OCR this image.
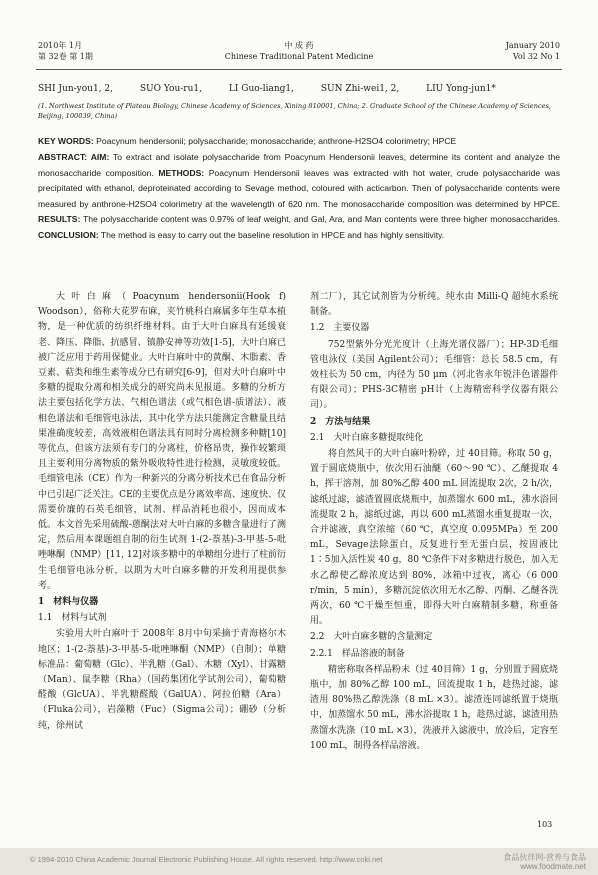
2010年 1月
第 32卷 第 1期
中 成 药
Chinese Traditional Patent Medicine
January 2010
Vol 32 No 1
SHI Jun-you1, 2,	SUO You-ru1,	LI Guo-liang1,	SUN Zhi-wei1, 2,	LIU Yong-jun1*
(1. Northwest Institute of Plateau Biology, Chinese Academy of Sciences, Xining 810001, China; 2. Graduate School of the Chinese Academy of Sciences, Beijing, 100039, China)
KEY WORDS: Poacynum hendersonii; polysaccharide; monosaccharide; anthrone-H2SO4 colorimetry; HPCE
ABSTRACT: AIM: To extract and isolate polysaccharide from Poacynum Hendersonii leaves, determine its content and analyze the monosaccharide composition. METHODS: Poacynum Hendersonii leaves was extracted with hot water, crude polysaccharide was precipitated with ethanol, deproteinated according to Sevage method, coloured with acticarbon. Then of polysaccharide contents were measured by anthrone-H2SO4 colorimetry at the wavelength of 620 nm. The monosaccharide composition was determined by HPCE. RESULTS: The polysaccharide content was 0.97% of leaf weight, and Gal, Ara, and Man contents were three higher monosaccharides. CONCLUSION: The method is easy to carry out the baseline resolution in HPCE and has highly sensitivity.

大叶白麻（Poacynum hendersonii(Hook f) Woodson），俗称大花罗布麻，夹竹桃科白麻属多年生草本植物，是一种优质的纺织纤维材料。由于大叶白麻具有延缓衰老、降压、降脂、抗感冒、镇静安神等功效[1-5]，大叶白麻已被广泛应用于药用保健业。大叶白麻叶中的黄酮、木脂素、香豆素、萜类和维生素等成分已有研究[6-9]，但对大叶白麻叶中多糖的提取分离和相关成分的研究尚未见报道。多糖的分析方法主要包括化学方法、气相色谱法（或气相色谱-质谱法）、液相色谱法和毛细管电泳法，其中化学方法只能测定含糖量且结果准确度较差，高效液相色谱法具有同时分离检测多种糖[10]等优点，但该方法须有专门的分离柱，价格昂贵，操作较繁琐且主要利用分离物质的紫外吸收特性进行检测，灵敏度较低。毛细管电泳（CE）作为一种新兴的分离分析技术已在食品分析中已引起广泛关注。CE的主要优点是分离效率高、速度快、仅需要价廉的石英毛细管，试剂、样品消耗也很小，因而成本低。本文首先采用硫酸-蒽酮法对大叶白麻的多糖含量进行了测定，然后用本课题组自制的衍生试剂 1-(2-萘基)-3-甲基-5-吡唑啉酮（NMP）[11, 12]对该多糖中的单糖组分进行了柱前衍生毛细管电泳分析，以期为大叶白麻多糖的开发利用提供参考。

1　材料与仪器

1.1　材料与试剂

实验用大叶白麻叶于 2008年 8月中旬采摘于青海格尔木地区；1-(2-萘基)-3-甲基-5-吡唑啉酮（NMP）（自制）；单糖标准品：葡萄糖（Glc）、半乳糖（Gal）、木糖（Xyl）、甘露糖（Man）、鼠李糖（Rha）（国药集团化学试剂公司），葡萄糖醛酸（GlcUA）、半乳糖醛酸（GalUA）、阿拉伯糖（Ara）（Fluka公司），岩藻糖（Fuc）（Sigma公司）；硼砂（分析纯，徐州试

剂二厂），其它试剂皆为分析纯。纯水由 Milli-Q 超纯水系统制备。

1.2　主要仪器

752型紫外分光光度计（上海光谱仪器厂）；HP-3D毛细管电泳仪（美国 Agilent公司）；毛细管：总长 58.5 cm，有效柱长为 50 cm，内径为 50 μm（河北省永年锐沣色谱器件有限公司）；PHS-3C精密 pH计（上海精密科学仪器有限公司）。

2　方法与结果

2.1　大叶白麻多糖提取纯化

将自然风干的大叶白麻叶粉碎，过 40目筛。称取 50 g，置于圆底烧瓶中，依次用石油醚（60～90 ℃）、乙醚提取 4 h，挥干溶剂，加 80%乙醇 400 mL 回流提取 2次，2 h/次，滤纸过滤，滤渣置圆底烧瓶中，加蒸馏水 600 mL，沸水浴回流提取 2 h，滤纸过滤，再以 600 mL蒸馏水重复提取一次，合并滤液，真空浓缩（60 ℃，真空度 0.095MPa）至 200 mL，Sevage法除蛋白，反复进行至无蛋白层，按固液比 1∶5加入活性炭 40 g，80 ℃条件下对多糖进行脱色，加入无水乙醇使乙醇浓度达到 80%，冰箱中过夜，离心（6 000 r/min，5 min），多糖沉淀依次用无水乙醇、丙酮、乙醚各洗两次，60 ℃干燥至恒重，即得大叶白麻精制多糖，称重备用。

2.2　大叶白麻多糖的含量测定

2.2.1　样品溶液的制备

精密称取各样品粉末（过 40目筛）1 g，分别置于圆底烧瓶中，加 80%乙醇 100 mL，回流提取 1 h，趁热过滤，滤渣用 80%热乙醇洗涤（8 mL ×3）。滤渣连同滤纸置于烧瓶中，加蒸馏水 50 mL，沸水浴提取 1 h，趁热过滤，滤渣用热蒸馏水洗涤（10 mL ×3），洗液并入滤液中，放冷后，定容至 100 mL，制得各样品溶液。

103
© 1994-2010 China Academic Journal Electronic Publishing House. All rights reserved. http://www.cnki.net	食品伙伴网-营养与食品
www.foodmate.net
